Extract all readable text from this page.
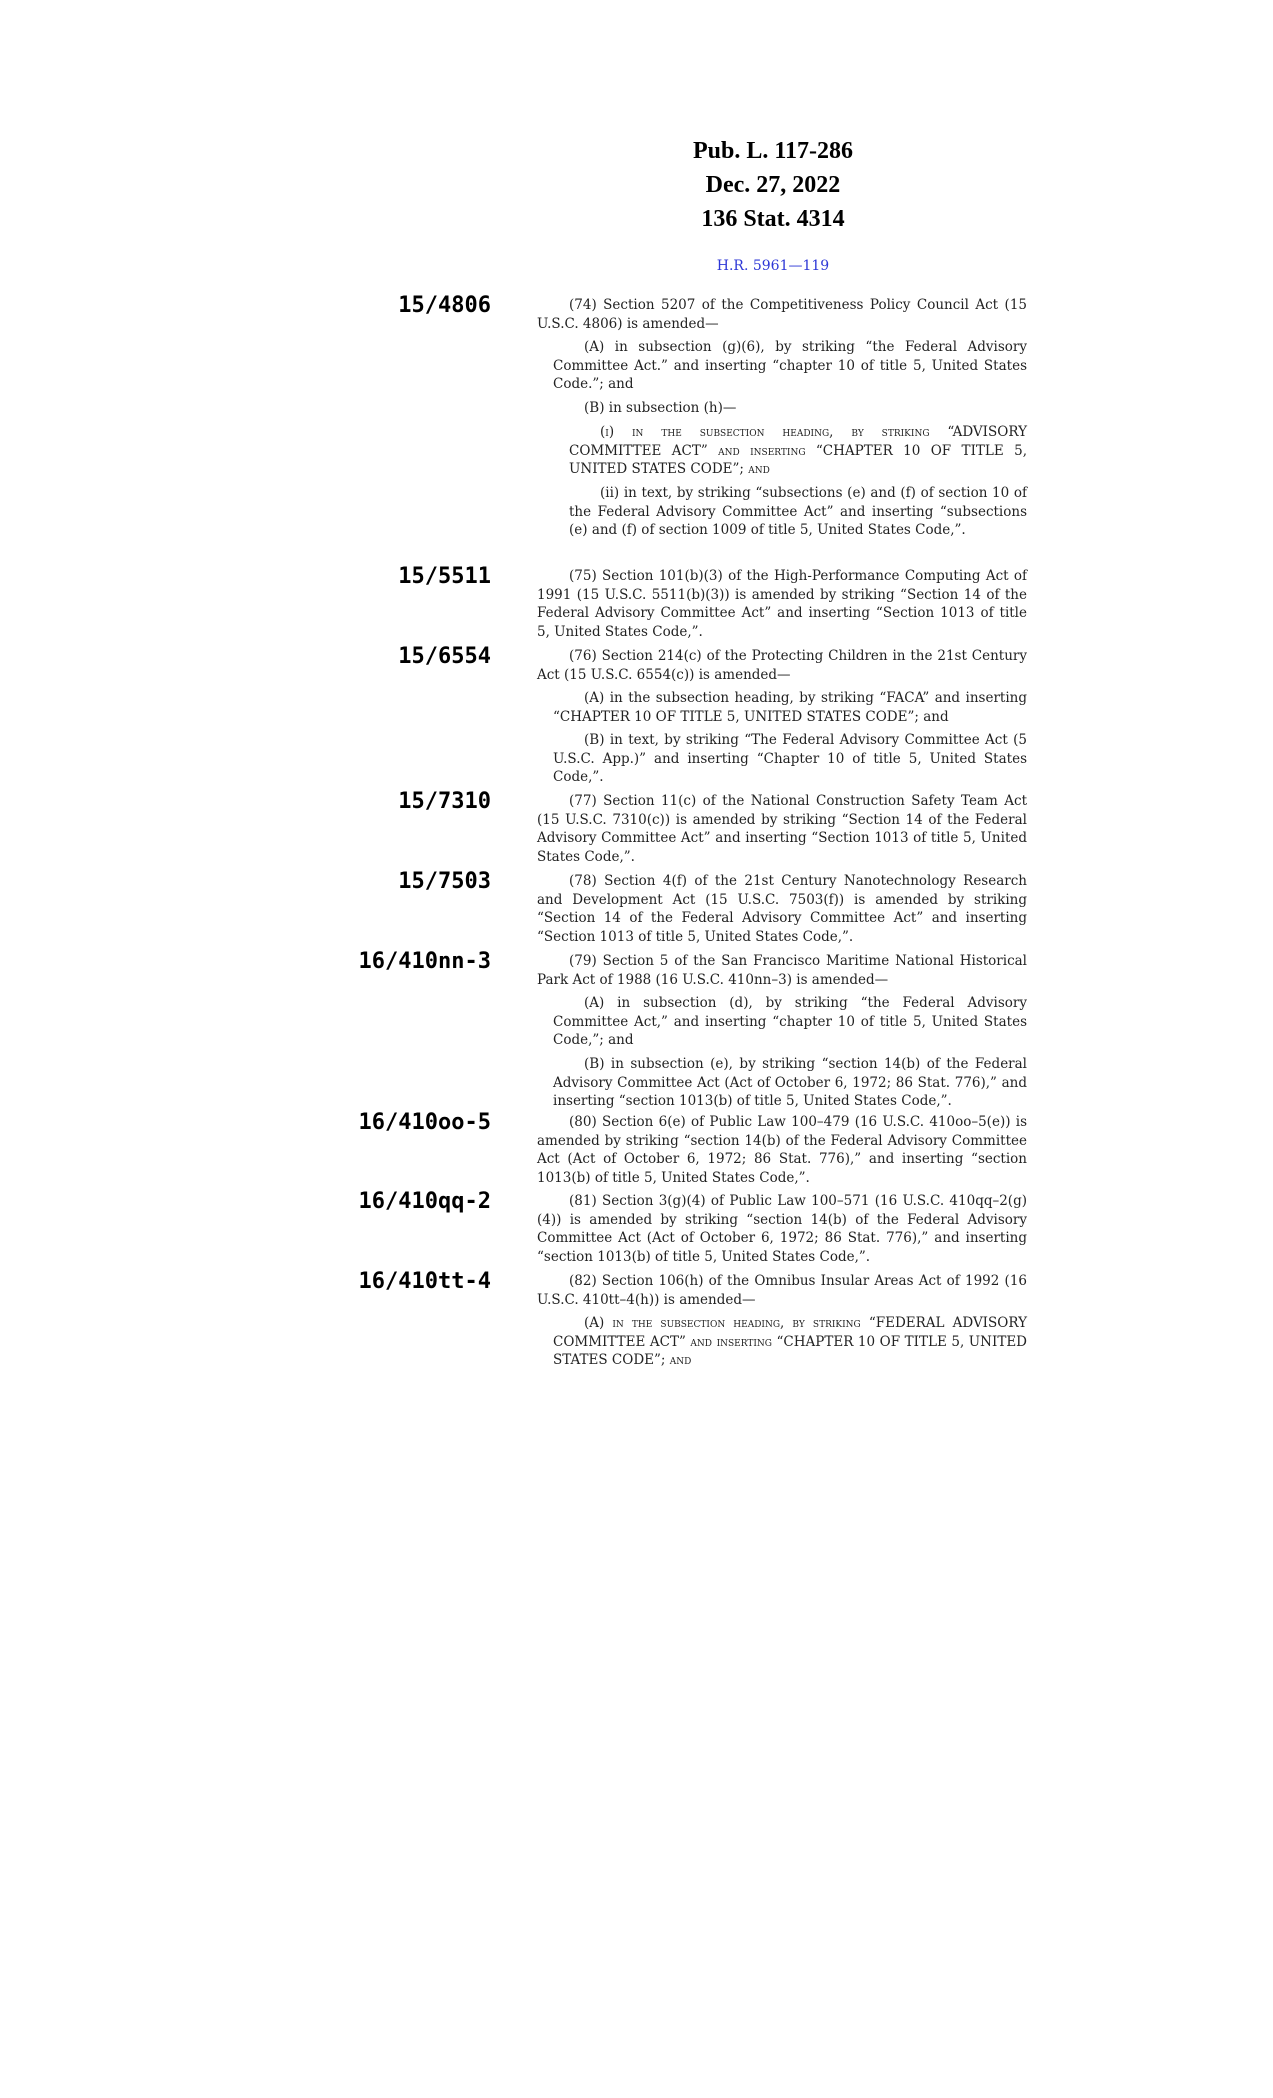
Pub. L. 117-286
Dec. 27, 2022
136 Stat. 4314
H.R. 5961—119
15/4806	(74) Section 5207 of the Competitiveness Policy Council Act (15 U.S.C. 4806) is amended—

(A) in subsection (g)(6), by striking “the Federal Advisory Committee Act.” and inserting “chapter 10 of title 5, United States Code.”; and

(B) in subsection (h)—

(i) in the subsection heading, by striking “ADVISORY COMMITTEE ACT” and inserting “CHAPTER 10 OF TITLE 5, UNITED STATES CODE”; and

(ii) in text, by striking “subsections (e) and (f) of section 10 of the Federal Advisory Committee Act” and inserting “subsections (e) and (f) of section 1009 of title 5, United States Code,”.

15/5511	(75) Section 101(b)(3) of the High-Performance Computing Act of 1991 (15 U.S.C. 5511(b)(3)) is amended by striking “Section 14 of the Federal Advisory Committee Act” and inserting “Section 1013 of title 5, United States Code,”.

15/6554	(76) Section 214(c) of the Protecting Children in the 21st Century Act (15 U.S.C. 6554(c)) is amended—

(A) in the subsection heading, by striking “FACA” and inserting “CHAPTER 10 OF TITLE 5, UNITED STATES CODE”; and

(B) in text, by striking “The Federal Advisory Committee Act (5 U.S.C. App.)” and inserting “Chapter 10 of title 5, United States Code,”.

15/7310	(77) Section 11(c) of the National Construction Safety Team Act (15 U.S.C. 7310(c)) is amended by striking “Section 14 of the Federal Advisory Committee Act” and inserting “Section 1013 of title 5, United States Code,”.

15/7503	(78) Section 4(f) of the 21st Century Nanotechnology Research and Development Act (15 U.S.C. 7503(f)) is amended by striking “Section 14 of the Federal Advisory Committee Act” and inserting “Section 1013 of title 5, United States Code,”.

16/410nn-3	(79) Section 5 of the San Francisco Maritime National Historical Park Act of 1988 (16 U.S.C. 410nn–3) is amended—

(A) in subsection (d), by striking “the Federal Advisory Committee Act,” and inserting “chapter 10 of title 5, United States Code,”; and

(B) in subsection (e), by striking “section 14(b) of the Federal Advisory Committee Act (Act of October 6, 1972; 86 Stat. 776),” and inserting “section 1013(b) of title 5, United States Code,”.

16/410oo-5	(80) Section 6(e) of Public Law 100–479 (16 U.S.C. 410oo–5(e)) is amended by striking “section 14(b) of the Federal Advisory Committee Act (Act of October 6, 1972; 86 Stat. 776),” and inserting “section 1013(b) of title 5, United States Code,”.

16/410qq-2	(81) Section 3(g)(4) of Public Law 100–571 (16 U.S.C. 410qq–2(g)(4)) is amended by striking “section 14(b) of the Federal Advisory Committee Act (Act of October 6, 1972; 86 Stat. 776),” and inserting “section 1013(b) of title 5, United States Code,”.

16/410tt-4	(82) Section 106(h) of the Omnibus Insular Areas Act of 1992 (16 U.S.C. 410tt–4(h)) is amended—

(A) in the subsection heading, by striking “FEDERAL ADVISORY COMMITTEE ACT” and inserting “CHAPTER 10 OF TITLE 5, UNITED STATES CODE”; and
